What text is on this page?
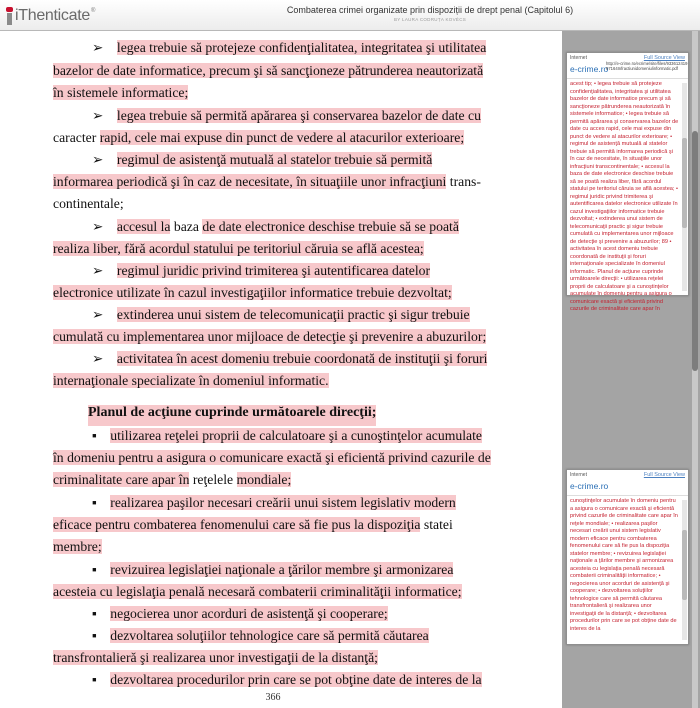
iThenticate ®	Combaterea crimei organizate prin dispoziții de drept penal (Capitolul 6)
BY LAURA CODRUȚA KOVÉCS
➢ legea trebuie să protejeze confidenţialitatea, integritatea şi utilitatea
bazelor de date informatice, precum şi să sancţioneze pătrunderea neautorizată
în sistemele informatice;
➢ legea trebuie să permită apărarea şi conservarea bazelor de date cu
caracter rapid, cele mai expuse din punct de vedere al atacurilor exterioare;
➢ regimul de asistenţă mutuală al statelor trebuie să permită
informarea periodică şi în caz de necesitate, în situaţiile unor infracţiuni trans-
continentale;
➢ accesul la baza de date electronice deschise trebuie să se poată
realiza liber, fără acordul statului pe teritoriul căruia se află acestea;
➢ regimul juridic privind trimiterea şi autentificarea datelor
electronice utilizate în cazul investigaţiilor informatice trebuie dezvoltat;
➢ extinderea unui sistem de telecomunicaţii practic şi sigur trebuie
cumulată cu implementarea unor mijloace de detecţie şi prevenire a abuzurilor;
➢ activitatea în acest domeniu trebuie coordonată de instituţii şi foruri
internaţionale specializate în domeniul informatic.
Planul de acţiune cuprinde următoarele direcţii;
▪ utilizarea reţelei proprii de calculatoare şi a cunoştinţelor acumulate
în domeniu pentru a asigura o comunicare exactă şi eficientă privind cazurile de
criminalitate care apar în reţelele mondiale;
▪ realizarea paşilor necesari creării unui sistem legislativ modern
eficace pentru combaterea fenomenului care să fie pus la dispoziţia statei
membre;
▪ revizuirea legislaţiei naţionale a ţărilor membre şi armonizarea
acesteia cu legislaţia penală necesară combaterii criminalităţii informatice;
▪ negocierea unor acorduri de asistenţă şi cooperare;
▪ dezvoltarea soluţiilor tehnologice care să permită căutarea
transfrontalieră şi realizarea unor investigaţii de la distanţă;
▪ dezvoltarea procedurilor prin care se pot obţine date de interes de la
366
Internet	Full Source View
e-crime.ro
http://e-crime.ro/ecrime/site/files/93361241997164Infractiunidomeniulinformatic.pdf
acest tip; • legea trebuie să protejeze confidenţialitatea, integritatea şi utilitatea bazelor de date informatice precum şi să sancţioneze pătrunderea neautorizată în sistemele informatice; • legea trebuie să permită apărarea şi conservarea bazelor de date cu acces rapid, cele mai expuse din punct de vedere al atacurilor exterioare; • regimul de asistenţă mutuală al statelor trebuie să permită informarea periodică şi în caz de necesitate, în situaţiile unor infracţiuni transcontinentale; • accesul la baza de date electronice deschise trebuie să se poată realiza liber, fără acordul statului pe teritoriul căruia se află acestea; • regimul juridic privind trimiterea şi autentificarea datelor electronice utilizate în cazul investigaţiilor informatice trebuie dezvoltat; • extinderea unui sistem de telecomunicaţii practic şi sigur trebuie cumulată cu implementarea unor mijloace de detecţie şi prevenire a abuzurilor; 89 • activitatea în acest domeniu trebuie coordonată de instituţii şi foruri internaţionale specializate în domeniul informatic. Planul de acţiune cuprinde următoarele direcţii: • utilizarea reţelei proprii de calculatoare şi a cunoştinţelor acumulate în domeniu pentru a asigura o comunicare exactă şi eficientă privind cazurile de criminalitate care apar în
Internet	Full Source View
e-crime.ro
cunoştinţelor acumulate în domeniu pentru a asigura o comunicare exactă şi eficientă privind cazurile de criminalitate care apar în reţele mondiale; • realizarea paşilor necesari creării unui sistem legislativ modern eficace pentru combaterea fenomenului care să fie pus la dispoziţia statelor membre; • revizuirea legislaţiei naţionale a ţărilor membre şi armonizarea acesteia cu legislaţia penală necesară combaterii criminalităţii informatice; • negocierea unor acorduri de asistenţă şi cooperare; • dezvoltarea soluţiilor tehnologice care să permită căutarea transfrontalieră şi realizarea unor investigaţii de la distanţă; • dezvoltarea procedurilor prin care se pot obţine date de interes de la
